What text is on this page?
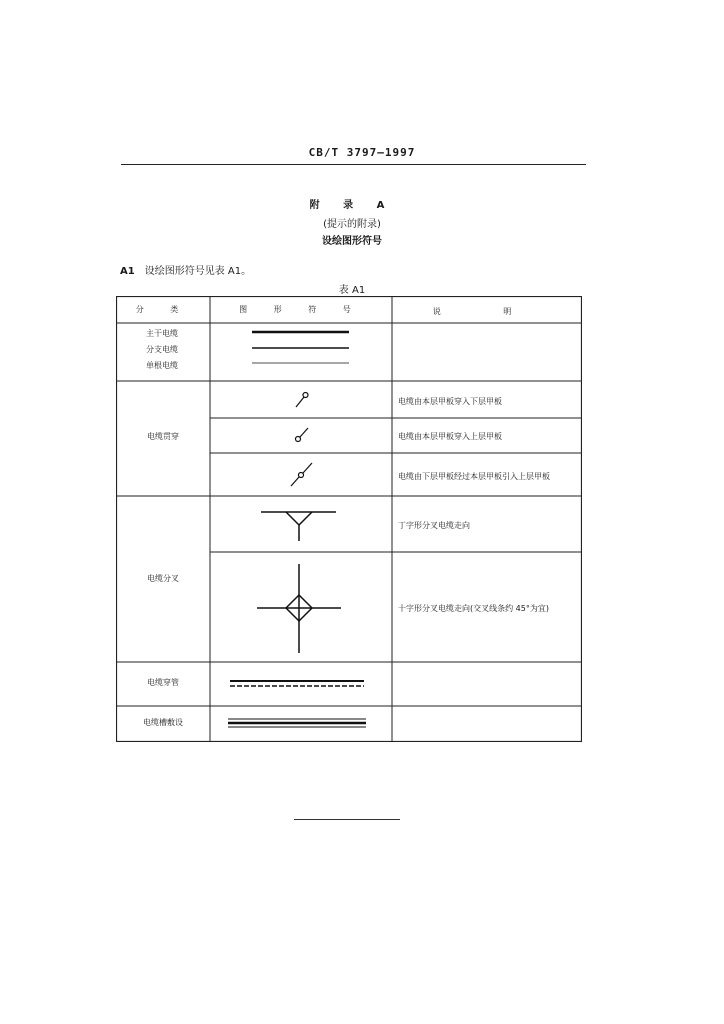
CB/T 3797—1997
附 录 A
(提示的附录)
设绘图形符号
A1 设绘图形符号见表 A1。
表 A1
分 类	图 形 符 号	说 明
主干电缆
分支电缆
单根电缆
电缆贯穿
电缆由本层甲板穿入下层甲板
电缆由本层甲板穿入上层甲板
电缆由下层甲板经过本层甲板引入上层甲板
电缆分叉
丁字形分叉电缆走向
十字形分叉电缆走向(交叉线条约 45°为宜)
电缆穿管
电缆槽敷设
